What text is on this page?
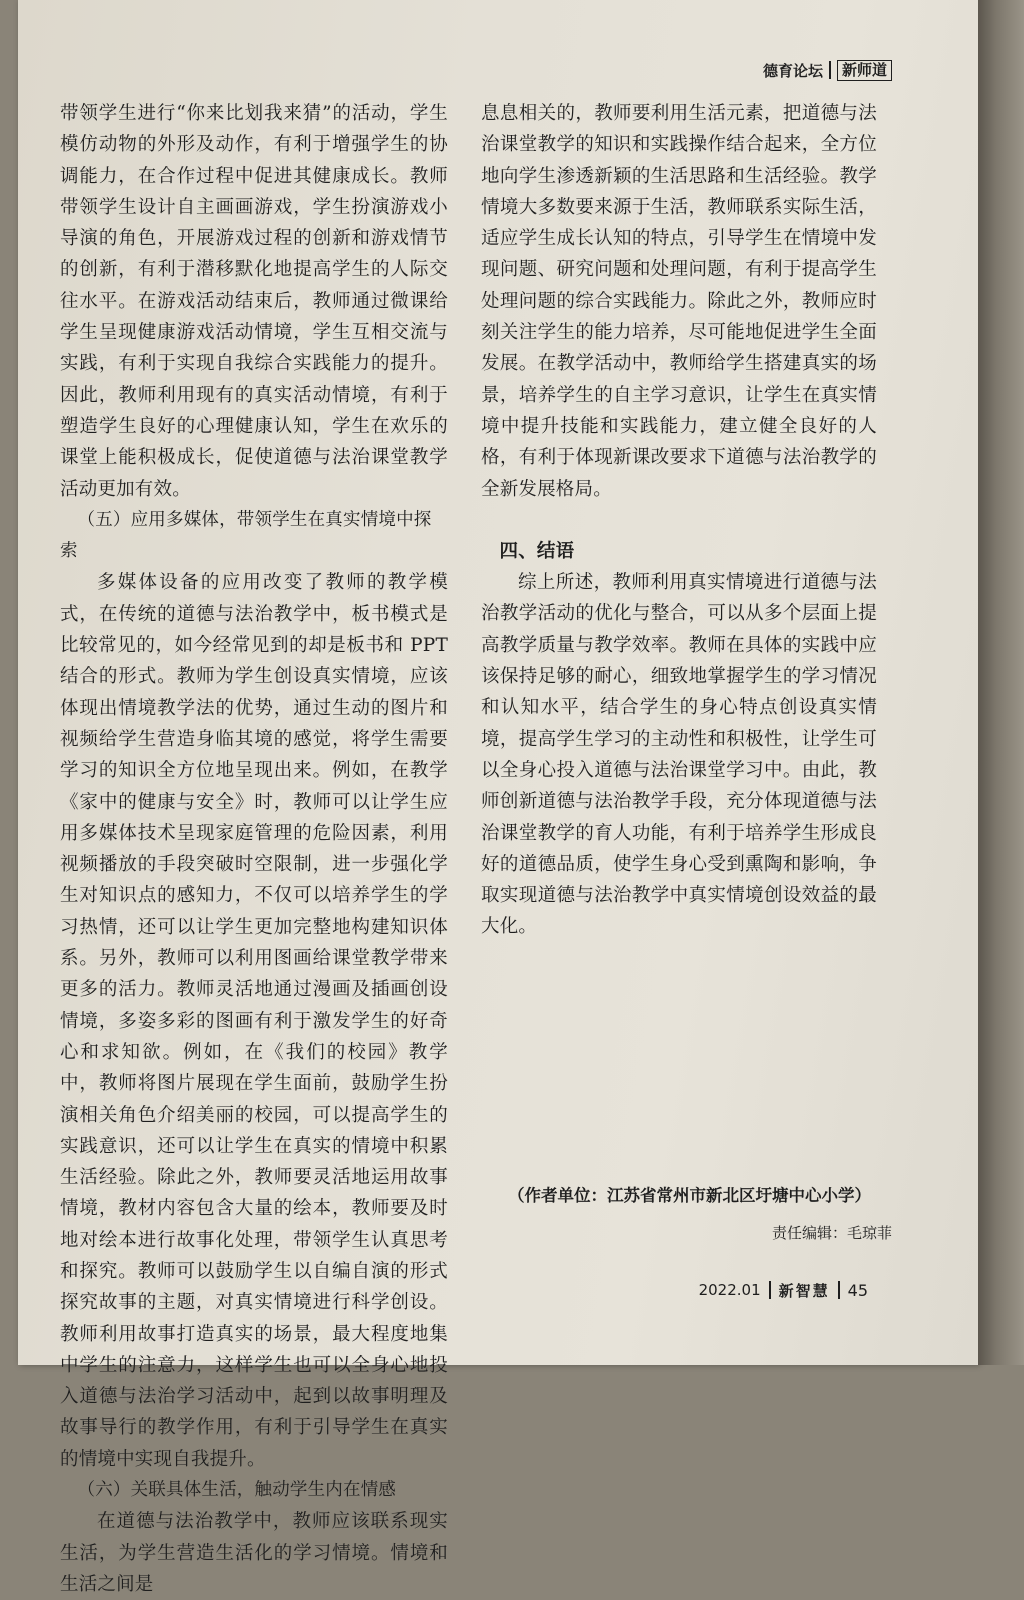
德育论坛	新师道

带领学生进行“你来比划我来猜”的活动，学生模仿动物的外形及动作，有利于增强学生的协调能力，在合作过程中促进其健康成长。教师带领学生设计自主画画游戏，学生扮演游戏小导演的角色，开展游戏过程的创新和游戏情节的创新，有利于潜移默化地提高学生的人际交往水平。在游戏活动结束后，教师通过微课给学生呈现健康游戏活动情境，学生互相交流与实践，有利于实现自我综合实践能力的提升。因此，教师利用现有的真实活动情境，有利于塑造学生良好的心理健康认知，学生在欢乐的课堂上能积极成长，促使道德与法治课堂教学活动更加有效。

（五）应用多媒体，带领学生在真实情境中探索

多媒体设备的应用改变了教师的教学模式，在传统的道德与法治教学中，板书模式是比较常见的，如今经常见到的却是板书和 PPT 结合的形式。教师为学生创设真实情境，应该体现出情境教学法的优势，通过生动的图片和视频给学生营造身临其境的感觉，将学生需要学习的知识全方位地呈现出来。例如，在教学《家中的健康与安全》时，教师可以让学生应用多媒体技术呈现家庭管理的危险因素，利用视频播放的手段突破时空限制，进一步强化学生对知识点的感知力，不仅可以培养学生的学习热情，还可以让学生更加完整地构建知识体系。另外，教师可以利用图画给课堂教学带来更多的活力。教师灵活地通过漫画及插画创设情境，多姿多彩的图画有利于激发学生的好奇心和求知欲。例如，在《我们的校园》教学中，教师将图片展现在学生面前，鼓励学生扮演相关角色介绍美丽的校园，可以提高学生的实践意识，还可以让学生在真实的情境中积累生活经验。除此之外，教师要灵活地运用故事情境，教材内容包含大量的绘本，教师要及时地对绘本进行故事化处理，带领学生认真思考和探究。教师可以鼓励学生以自编自演的形式探究故事的主题，对真实情境进行科学创设。教师利用故事打造真实的场景，最大程度地集中学生的注意力，这样学生也可以全身心地投入道德与法治学习活动中，起到以故事明理及故事导行的教学作用，有利于引导学生在真实的情境中实现自我提升。

（六）关联具体生活，触动学生内在情感

在道德与法治教学中，教师应该联系现实生活，为学生营造生活化的学习情境。情境和生活之间是

息息相关的，教师要利用生活元素，把道德与法治课堂教学的知识和实践操作结合起来，全方位地向学生渗透新颖的生活思路和生活经验。教学情境大多数要来源于生活，教师联系实际生活，适应学生成长认知的特点，引导学生在情境中发现问题、研究问题和处理问题，有利于提高学生处理问题的综合实践能力。除此之外，教师应时刻关注学生的能力培养，尽可能地促进学生全面发展。在教学活动中，教师给学生搭建真实的场景，培养学生的自主学习意识，让学生在真实情境中提升技能和实践能力，建立健全良好的人格，有利于体现新课改要求下道德与法治教学的全新发展格局。

四、结语

综上所述，教师利用真实情境进行道德与法治教学活动的优化与整合，可以从多个层面上提高教学质量与教学效率。教师在具体的实践中应该保持足够的耐心，细致地掌握学生的学习情况和认知水平，结合学生的身心特点创设真实情境，提高学生学习的主动性和积极性，让学生可以全身心投入道德与法治课堂学习中。由此，教师创新道德与法治教学手段，充分体现道德与法治课堂教学的育人功能，有利于培养学生形成良好的道德品质，使学生身心受到熏陶和影响，争取实现道德与法治教学中真实情境创设效益的最大化。

（作者单位：江苏省常州市新北区圩塘中心小学）
责任编辑：毛琼菲
2022.01 新智慧 45
